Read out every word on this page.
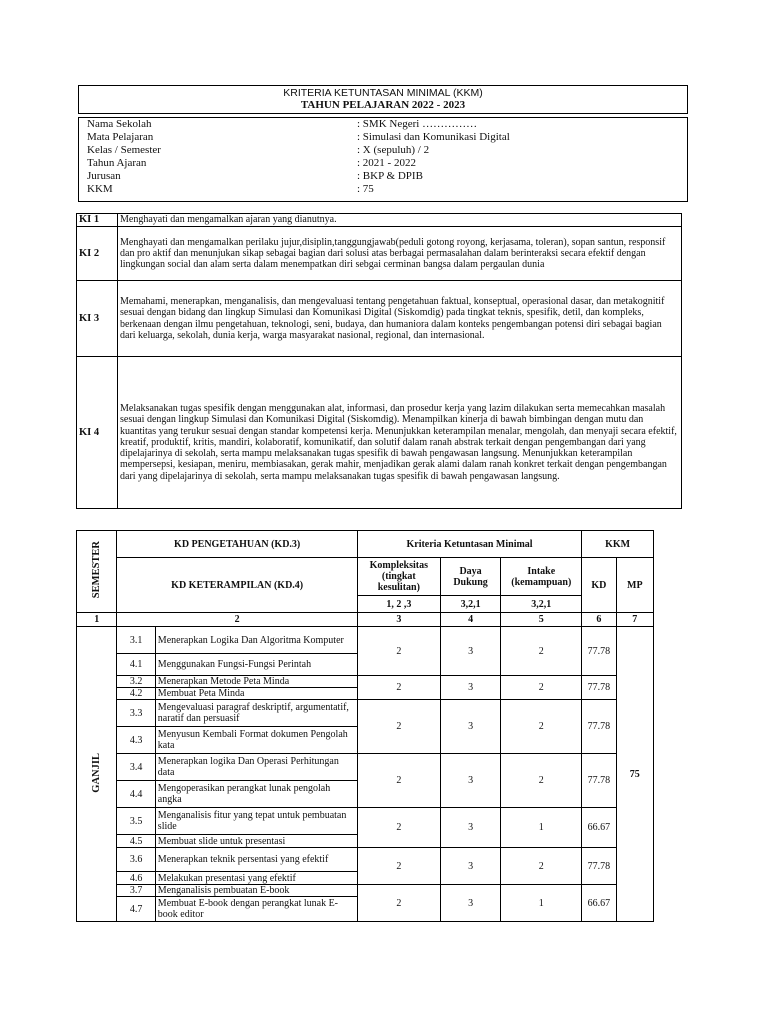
KRITERIA KETUNTASAN MINIMAL (KKM)
TAHUN PELAJARAN 2022 - 2023
Nama Sekolah	: SMK Negeri ……………
Mata Pelajaran	: Simulasi dan Komunikasi Digital
Kelas / Semester	: X (sepuluh) / 2
Tahun Ajaran	: 2021 - 2022
Jurusan	: BKP & DPIB
KKM	: 75
KI 1	Menghayati dan mengamalkan ajaran yang dianutnya.
KI 2	Menghayati dan mengamalkan perilaku jujur,disiplin,tanggungjawab(peduli gotong royong, kerjasama, toleran), sopan santun, responsif dan pro aktif dan menunjukan sikap sebagai bagian dari solusi atas berbagai permasalahan dalam berinteraksi secara efektif dengan lingkungan social dan alam serta dalam menempatkan diri sebgai cerminan bangsa dalam pergaulan dunia
KI 3	Memahami, menerapkan, menganalisis, dan mengevaluasi tentang pengetahuan faktual, konseptual, operasional dasar, dan metakognitif sesuai dengan bidang dan lingkup Simulasi dan Komunikasi Digital (Siskomdig) pada tingkat teknis, spesifik, detil, dan kompleks, berkenaan dengan ilmu pengetahuan, teknologi, seni, budaya, dan humaniora dalam konteks pengembangan potensi diri sebagai bagian dari keluarga, sekolah, dunia kerja, warga masyarakat nasional, regional, dan internasional.
KI 4	Melaksanakan tugas spesifik dengan menggunakan alat, informasi, dan prosedur kerja yang lazim dilakukan serta memecahkan masalah sesuai dengan lingkup Simulasi dan Komunikasi Digital (Siskomdig). Menampilkan kinerja di bawah bimbingan dengan mutu dan kuantitas yang terukur sesuai dengan standar kompetensi kerja. Menunjukkan keterampilan menalar, mengolah, dan menyaji secara efektif, kreatif, produktif, kritis, mandiri, kolaboratif, komunikatif, dan solutif dalam ranah abstrak terkait dengan pengembangan dari yang dipelajarinya di sekolah, serta mampu melaksanakan tugas spesifik di bawah pengawasan langsung. Menunjukkan keterampilan mempersepsi, kesiapan, meniru, membiasakan, gerak mahir, menjadikan gerak alami dalam ranah konkret terkait dengan pengembangan dari yang dipelajarinya di sekolah, serta mampu melaksanakan tugas spesifik di bawah pengawasan langsung.
SEMESTER	KD PENGETAHUAN (KD.3)		Kriteria Ketuntasan Minimal			KKM	
	KD KETERAMPILAN (KD.4)		Kompleksitas (tingkat kesulitan)	Daya Dukung	Intake (kemampuan)	KD	MP
			1, 2 ,3	3,2,1	3,2,1		
1	2		3	4	5	6	7
GANJIL	3.1	Menerapkan Logika Dan Algoritma Komputer	2	3	2	77.78	75
	4.1	Menggunakan Fungsi-Fungsi Perintah					
	3.2	Menerapkan Metode Peta Minda	2	3	2	77.78	
	4.2	Membuat Peta Minda					
	3.3	Mengevaluasi paragraf deskriptif, argumentatif, naratif dan persuasif	2	3	2	77.78	
	4.3	Menyusun Kembali Format dokumen Pengolah kata					
	3.4	Menerapkan logika Dan Operasi Perhitungan data	2	3	2	77.78	
	4.4	Mengoperasikan perangkat lunak pengolah angka					
	3.5	Menganalisis fitur yang tepat untuk pembuatan slide	2	3	1	66.67	
	4.5	Membuat slide untuk presentasi					
	3.6	Menerapkan teknik persentasi yang efektif	2	3	2	77.78	
	4.6	Melakukan presentasi yang efektif					
	3.7	Menganalisis pembuatan E-book	2	3	1	66.67	
	4.7	Membuat E-book dengan perangkat lunak E-book editor					
